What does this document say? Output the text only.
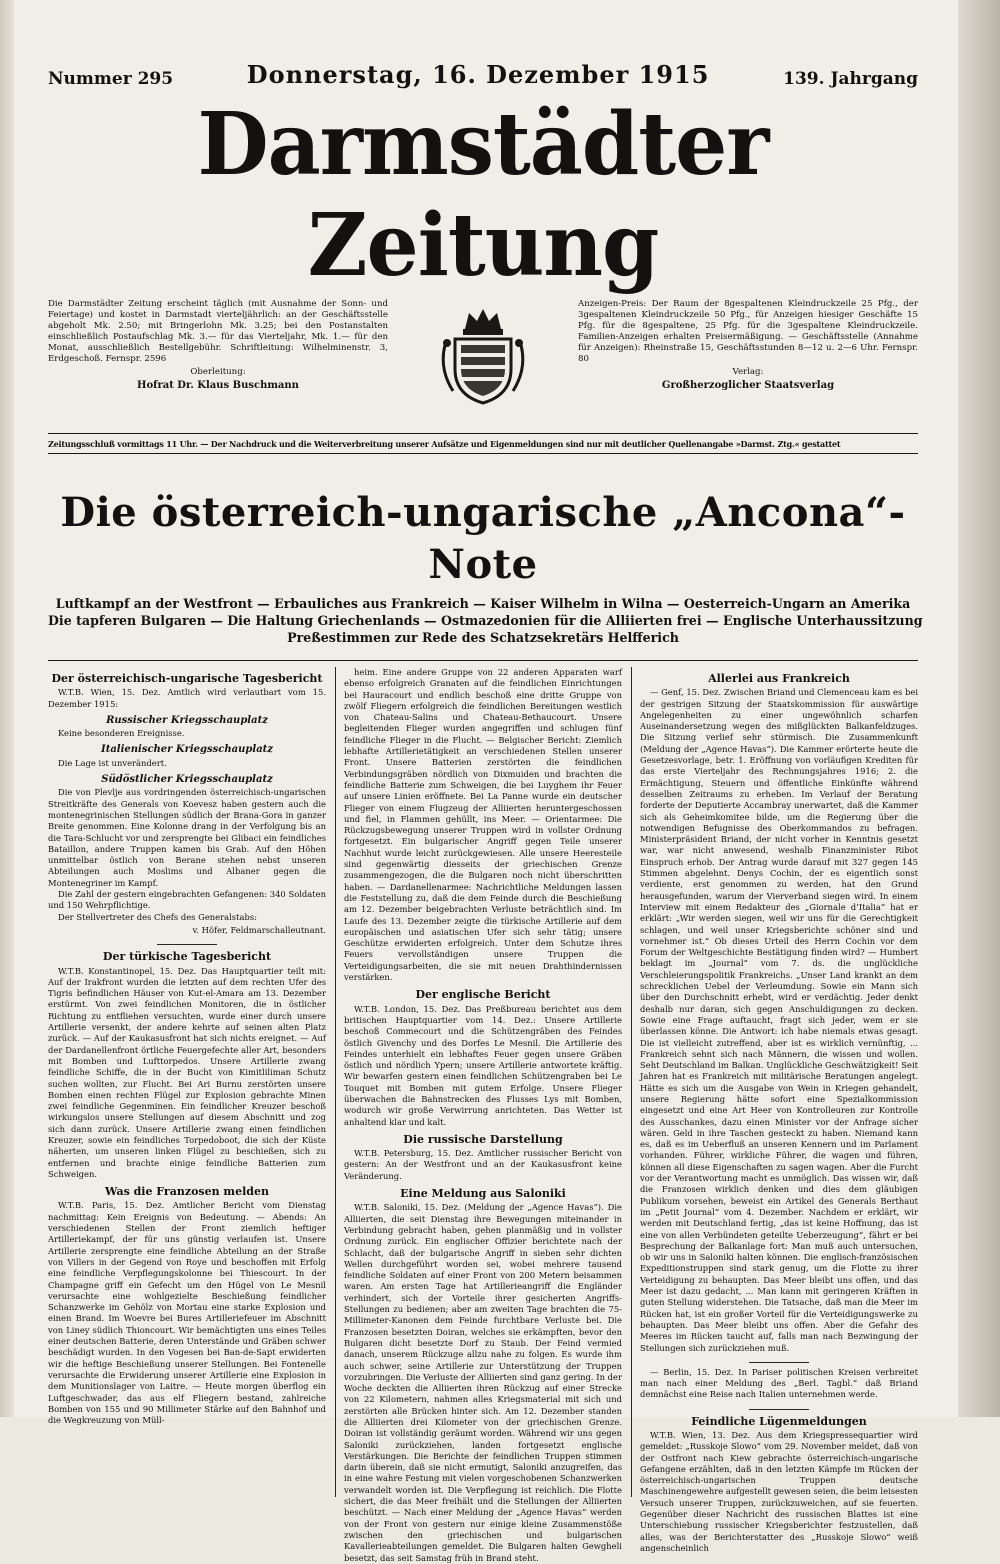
Nummer 295	Donnerstag, 16. Dezember 1915	139. Jahrgang
Darmstädter Zeitung

Die Darmstädter Zeitung erscheint täglich (mit Ausnahme der Sonn- und Feiertage) und kostet in Darmstadt vierteljährlich: an der Geschäftsstelle abgeholt Mk. 2.50; mit Bringerlohn Mk. 3.25; bei den Postanstalten einschließlich Postaufschlag Mk. 3.— für das Vierteljahr, Mk. 1.— für den Monat, ausschließlich Bestellgebühr. Schriftleitung: Wilhelminenstr. 3, Erdgeschoß. Fernspr. 2596

Oberleitung:
Hofrat Dr. Klaus Buschmann

Anzeigen-Preis: Der Raum der 8gespaltenen Kleindruckzeile 25 Pfg., der 3gespaltenen Kleindruckzeile 50 Pfg., für Anzeigen hiesiger Geschäfte 15 Pfg. für die 8gespaltene, 25 Pfg. für die 3gespaltene Kleindruckzeile. Familien-Anzeigen erhalten Preisermäßigung. — Geschäftsstelle (Annahme für Anzeigen): Rheinstraße 15, Geschäftsstunden 8—12 u. 2—6 Uhr. Fernspr. 80

Verlag:
Großherzoglicher Staatsverlag
Zeitungsschluß vormittags 11 Uhr. — Der Nachdruck und die Weiterverbreitung unserer Aufsätze und Eigenmeldungen sind nur mit deutlicher Quellenangabe »Darmst. Ztg.« gestattet
Die österreich-ungarische „Ancona“-Note
Luftkampf an der Westfront — Erbauliches aus Frankreich — Kaiser Wilhelm in Wilna — Oesterreich-Ungarn an Amerika
Die tapferen Bulgaren — Die Haltung Griechenlands — Ostmazedonien für die Alliierten frei — Englische Unterhaussitzung
Preßestimmen zur Rede des Schatzsekretärs Helfferich
Der österreichisch-ungarische Tagesbericht

W.T.B. Wien, 15. Dez. Amtlich wird verlautbart vom 15. Dezember 1915:

Russischer Kriegsschauplatz

Keine besonderen Ereignisse.

Italienischer Kriegsschauplatz

Die Lage ist unverändert.

Südöstlicher Kriegsschauplatz

Die von Plevlje aus vordringenden österreichisch-ungarischen Streitkräfte des Generals von Koevesz haben gestern auch die montenegrinischen Stellungen südlich der Brana-Gora in ganzer Breite genommen. Eine Kolonne drang in der Verfolgung bis an die Tara-Schlucht vor und zersprengte bei Glibaci ein feindliches Bataillon, andere Truppen kamen bis Grab. Auf den Höhen unmittelbar östlich von Berane stehen nebst unseren Abteilungen auch Moslims und Albaner gegen die Montenegriner im Kampf.

Die Zahl der gestern eingebrachten Gefangenen: 340 Soldaten und 150 Wehrpflichtige.

Der Stellvertreter des Chefs des Generalstabs:

v. Höfer, Feldmarschalleutnant.
Der türkische Tagesbericht

W.T.B. Konstantinopel, 15. Dez. Das Hauptquartier teilt mit: Auf der Irakfront wurden die letzten auf dem rechten Ufer des Tigris befindlichen Häuser von Kut-el-Amara am 13. Dezember erstürmt. Von zwei feindlichen Monitoren, die in östlicher Richtung zu entfliehen versuchten, wurde einer durch unsere Artillerie versenkt, der andere kehrte auf seinen alten Platz zurück. — Auf der Kaukasusfront hat sich nichts ereignet. — Auf der Dardanellenfront örtliche Feuergefechte aller Art, besonders mit Bomben und Lufttorpedos. Unsere Artillerie zwang feindliche Schiffe, die in der Bucht von Kimitliliman Schutz suchen wollten, zur Flucht. Bei Ari Burnu zerstörten unsere Bomben einen rechten Flügel zur Explosion gebrachte Minen zwei feindliche Gegenminen. Ein feindlicher Kreuzer beschoß wirkungslos unsere Stellungen auf diesem Abschnitt und zog sich dann zurück. Unsere Artillerie zwang einen feindlichen Kreuzer, sowie ein feindliches Torpedoboot, die sich der Küste näherten, um unseren linken Flügel zu beschießen, sich zu entfernen und brachte einige feindliche Batterien zum Schweigen.

Was die Franzosen melden

W.T.B. Paris, 15. Dez. Amtlicher Bericht vom Dienstag nachmittag: Kein Ereignis von Bedeutung. — Abends: An verschiedenen Stellen der Front ziemlich heftiger Artilleriekampf, der für uns günstig verlaufen ist. Unsere Artillerie zersprengte eine feindliche Abteilung an der Straße von Villers in der Gegend von Roye und beschoffen mit Erfolg eine feindliche Verpflegungskolonne bei Thiescourt. In der Champagne griff ein Gefecht um den Hügel von Le Mesnil verursachte eine wohlgezielte Beschießung feindlicher Schanzwerke im Gehölz von Mortau eine starke Explosion und einen Brand. Im Woevre bei Bures Artilleriefeuer im Abschnitt von Liney südlich Thioncourt. Wir bemächtigten uns eines Teiles einer deutschen Batterie, deren Unterstände und Gräben schwer beschädigt wurden. In den Vogesen bei Ban-de-Sapt erwiderten wir die heftige Beschießung unserer Stellungen. Bei Fontenelle verursachte die Erwiderung unserer Artillerie eine Explosion in dem Munitionslager von Laitre. — Heute morgen überflog ein Luftgeschwader, das aus elf Fliegern bestand, zahlreiche Bomben von 155 und 90 Millimeter Stärke auf den Bahnhof und die Wegkreuzung von Müll-

heim. Eine andere Gruppe von 22 anderen Apparaten warf ebenso erfolgreich Granaten auf die feindlichen Einrichtungen bei Hauracourt und endlich beschoß eine dritte Gruppe von zwölf Fliegern erfolgreich die feindlichen Bereitungen westlich von Chateau-Salins und Chateau-Bethaucourt. Unsere begleitenden Flieger wurden angegriffen und schlugen fünf feindliche Flieger in die Flucht. — Belgischer Bericht: Ziemlich lebhafte Artillerietätigkeit an verschiedenen Stellen unserer Front. Unsere Batterien zerstörten die feindlichen Verbindungsgräben nördlich von Dixmuiden und brachten die feindliche Batterie zum Schweigen, die bei Luyghem ihr Feuer auf unsere Linien eröffnete. Bei La Panne wurde ein deutscher Flieger von einem Flugzeug der Alliierten heruntergeschossen und fiel, in Flammen gehüllt, ins Meer. — Orientarmee: Die Rückzugsbewegung unserer Truppen wird in vollster Ordnung fortgesetzt. Ein bulgarischer Angriff gegen Teile unserer Nachhut wurde leicht zurückgewiesen. Alle unsere Heeresteile sind gegenwärtig diesseits der griechischen Grenze zusammengezogen, die die Bulgaren noch nicht überschritten haben. — Dardanellenarmee: Nachrichtliche Meldungen lassen die Feststellung zu, daß die dem Feinde durch die Beschießung am 12. Dezember beigebrachten Verluste beträchtlich sind. Im Laufe des 13. Dezember zeigte die türkische Artillerie auf dem europäischen und asiatischen Ufer sich sehr tätig; unsere Geschütze erwiderten erfolgreich. Unter dem Schutze ihres Feuers vervollständigen unsere Truppen die Verteidigungsarbeiten, die sie mit neuen Drahthindernissen verstärken.

Der englische Bericht

W.T.B. London, 15. Dez. Das Preßbureau berichtet aus dem britischen Hauptquartier vom 14. Dez.: Unsere Artillerie beschoß Commecourt und die Schützengräben des Feindes östlich Givenchy und des Dorfes Le Mesnil. Die Artillerie des Feindes unterhielt ein lebhaftes Feuer gegen unsere Gräben östlich und nördlich Ypern; unsere Artillerie antwortete kräftig. Wir bewarfen gestern einen feindlichen Schützengraben bei Le Touquet mit Bomben mit gutem Erfolge. Unsere Flieger überwachen die Bahnstrecken des Flusses Lys mit Bomben, wodurch wir große Verwirrung anrichteten. Das Wetter ist anhaltend klar und kalt.

Die russische Darstellung

W.T.B. Petersburg, 15. Dez. Amtlicher russischer Bericht von gestern: An der Westfront und an der Kaukasusfront keine Veränderung.

Eine Meldung aus Saloniki

W.T.B. Saloniki, 15. Dez. (Meldung der „Agence Havas“). Die Alliierten, die seit Dienstag ihre Bewegungen miteinander in Verbindung gebracht haben, gehen planmäßig und in vollster Ordnung zurück. Ein englischer Offizier berichtete nach der Schlacht, daß der bulgarische Angriff in sieben sehr dichten Wellen durchgeführt worden sei, wobei mehrere tausend feindliche Soldaten auf einer Front von 200 Metern beisammen waren. Am ersten Tage hat Artillerieangriff die Engländer verhindert, sich der Vorteile ihrer gesicherten Angriffs-Stellungen zu bedienen; aber am zweiten Tage brachten die 75-Millimeter-Kanonen dem Feinde furchtbare Verluste bei. Die Franzosen besetzten Doiran, welches sie erkämpften, bevor den Bulgaren dicht besetzte Dorf zu Staub. Der Feind vermied danach, unserem Rückzuge allzu nahe zu folgen. Es wurde ihm auch schwer, seine Artillerie zur Unterstützung der Truppen vorzubringen. Die Verluste der Alliierten sind ganz gering. In der Woche deckten die Alliierten ihren Rückzug auf einer Strecke von 22 Kilometern, nahmen alles Kriegsmaterial mit sich und zerstörten alle Brücken hinter sich. Am 12. Dezember standen die Alliierten drei Kilometer von der griechischen Grenze. Doiran ist vollständig geräumt worden. Während wir uns gegen Saloniki zurückziehen, landen fortgesetzt englische Verstärkungen. Die Berichte der feindlichen Truppen stimmen darin überein, daß sie nicht ermutigt, Saloniki anzugreifen, das in eine wahre Festung mit vielen vorgeschobenen Schanzwerken verwandelt worden ist. Die Verpflegung ist reichlich. Die Flotte sichert, die das Meer freihält und die Stellungen der Alliierten beschützt. — Nach einer Meldung der „Agence Havas“ werden von der Front von gestern nur einige kleine Zusammenstöße zwischen den griechischen und bulgarischen Kavallerieabteilungen gemeldet. Die Bulgaren halten Gewgheli besetzt, das seit Samstag früh in Brand steht.

Allerlei aus Frankreich

— Genf, 15. Dez. Zwischen Briand und Clemenceau kam es bei der gestrigen Sitzung der Staatskommission für auswärtige Angelegenheiten zu einer ungewöhnlich scharfen Auseinandersetzung wegen des mißglückten Balkanfeldzuges. Die Sitzung verlief sehr stürmisch. Die Zusammenkunft (Meldung der „Agence Havas“). Die Kammer erörterte heute die Gesetzesvorlage, betr. 1. Eröffnung von vorläufigen Krediten für das erste Vierteljahr des Rechnungsjahres 1916; 2. die Ermächtigung, Steuern und öffentliche Einkünfte während desselben Zeitraums zu erheben. Im Verlauf der Beratung forderte der Deputierte Accambray unerwartet, daß die Kammer sich als Geheimkomitee bilde, um die Regierung über die notwendigen Befugnisse des Oberkommandos zu befragen. Ministerpräsident Briand, der nicht vorher in Kenntnis gesetzt war, war nicht anwesend, weshalb Finanzminister Ribot Einspruch erhob. Der Antrag wurde darauf mit 327 gegen 145 Stimmen abgelehnt. Denys Cochin, der es eigentlich sonst verdiente, erst genommen zu werden, hat den Grund herausgefunden, warum der Vierverband siegen wird. In einem Interview mit einem Redakteur des „Giornale d’Italia“ hat er erklärt: „Wir werden siegen, weil wir uns für die Gerechtigkeit schlagen, und weil unser Kriegsberichte schöner sind und vornehmer ist.“ Ob dieses Urteil des Herrn Cochin vor dem Forum der Weltgeschichte Bestätigung finden wird? — Humbert beklagt im „Journal“ vom 7. ds. die unglückliche Verschleierungspolitik Frankreichs. „Unser Land krankt an dem schrecklichen Uebel der Verleumdung. Sowie ein Mann sich über den Durchschnitt erhebt, wird er verdächtig. Jeder denkt deshalb nur daran, sich gegen Anschuldigungen zu decken. Sowie eine Frage auftaucht, fragt sich jeder, wem er sie überlassen könne. Die Antwort: ich habe niemals etwas gesagt. Die ist vielleicht zutreffend, aber ist es wirklich vernünftig, ... Frankreich sehnt sich nach Männern, die wissen und wollen. Seht Deutschland im Balkan. Unglückliche Geschwätzigkeit! Seit Jahren hat es Frankreich mit militärische Beratungen angelegt. Hätte es sich um die Ausgabe von Wein in Kriegen gehandelt, unsere Regierung hätte sofort eine Spezialkommission eingesetzt und eine Art Heer von Kontrolleuren zur Kontrolle des Ausschankes, dazu einen Minister vor der Anfrage sicher wären. Geld in ihre Taschen gesteckt zu haben. Niemand kann es, daß es im Ueberfluß an unseren Kennern und im Parlament vorhanden. Führer, wirkliche Führer, die wagen und führen, können all diese Eigenschaften zu sagen wagen. Aber die Furcht vor der Verantwortung macht es unmöglich. Das wissen wir, daß die Franzosen wirklich denken und dies dem gläubigen Publikum vorsehen, beweist ein Artikel des Generals Berthaut im „Petit Journal“ vom 4. Dezember. Nachdem er erklärt, wir werden mit Deutschland fertig, „das ist keine Hoffnung, das ist eine von allen Verbündeten geteilte Ueberzeugung“, fährt er bei Besprechung der Balkanlage fort: Man muß auch untersuchen, ob wir uns in Saloniki halten können. Die englisch-französischen Expeditionstruppen sind stark genug, um die Flotte zu ihrer Verteidigung zu behaupten. Das Meer bleibt uns offen, und das Meer ist dazu gedacht, ... Man kann mit geringeren Kräften in guten Stellung widerstehen. Die Tatsache, daß man die Meer im Rücken hat, ist ein großer Vorteil für die Verteidigungswerke zu behaupten. Das Meer bleibt uns offen. Aber die Gefahr des Meeres im Rücken taucht auf, falls man nach Bezwingung der Stellungen sich zurückziehen muß.

— Berlin, 15. Dez. In Pariser politischen Kreisen verbreitet man nach einer Meldung des „Berl. Tagbl.“ daß Briand demnächst eine Reise nach Italien unternehmen werde.

Feindliche Lügenmeldungen

W.T.B. Wien, 13. Dez. Aus dem Kriegspressequartier wird gemeldet: „Russkoje Slowo“ vom 29. November meldet, daß von der Ostfront nach Kiew gebrachte österreichisch-ungarische Gefangene erzählten, daß in den letzten Kämpfe im Rücken der österreichisch-ungarischen Truppen deutsche Maschinengewehre aufgestellt gewesen seien, die beim leisesten Versuch unserer Truppen, zurückzuweichen, auf sie feuerten. Gegenüber dieser Nachricht des russischen Blattes ist eine Unterschiebung russischer Kriegsberichter festzustellen, daß alles, was der Berichterstatter des „Russkoje Slowo“ weiß angenscheinlich
